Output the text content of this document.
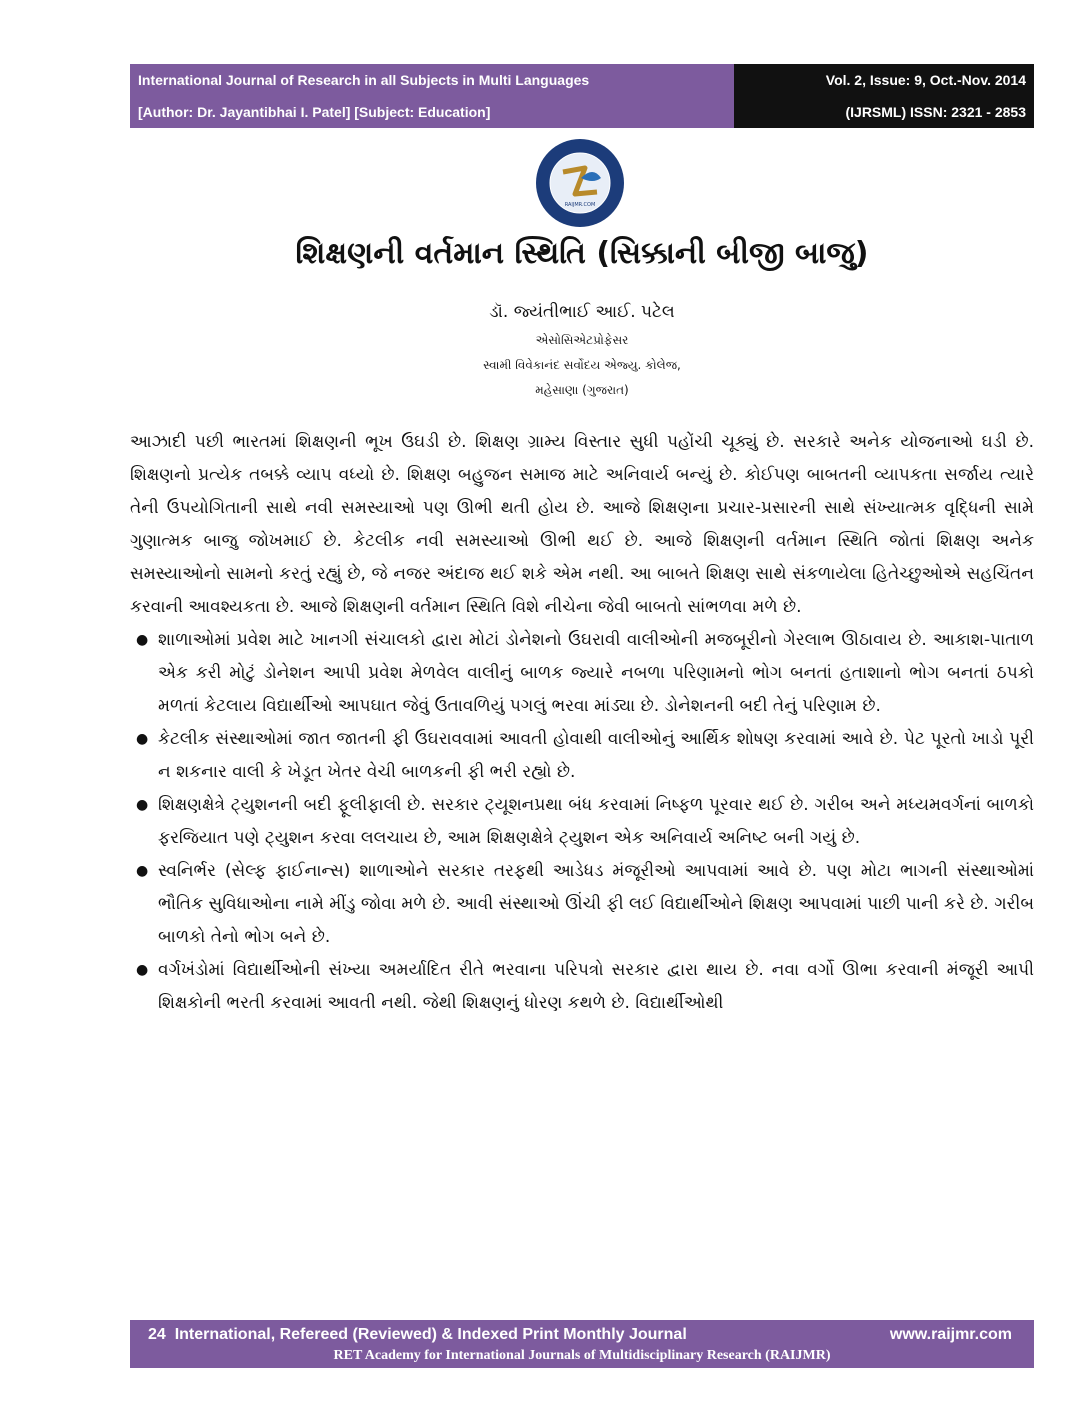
International Journal of Research in all Subjects in Multi Languages
[Author: Dr. Jayantibhai I. Patel] [Subject: Education]
Vol. 2, Issue: 9, Oct.-Nov. 2014
(IJRSML) ISSN: 2321 - 2853
RAIJMR.COM
શિક્ષણની વર્તમાન સ્થિતિ (સિક્કાની બીજી બાજુ)
ડૉ. જ્યંતીભાઈ આઈ. પટેલ
એસોસિએટપ્રોફેસર
સ્વામી વિવેકાનંદ સર્વોદય એજ્યુ. કોલેજ,
મહેસાણા (ગુજરાત)

આઝાદી પછી ભારતમાં શિક્ષણની ભૂખ ઉઘડી છે. શિક્ષણ ગ્રામ્ય વિસ્તાર સુધી પહોંચી ચૂક્યું છે. સરકારે અનેક યોજનાઓ ઘડી છે. શિક્ષણનો પ્રત્યેક તબક્કે વ્યાપ વધ્યો છે. શિક્ષણ બહુજન સમાજ માટે અનિવાર્ય બન્યું છે. કોઈપણ બાબતની વ્યાપકતા સર્જાય ત્યારે તેની ઉપયોગિતાની સાથે નવી સમસ્યાઓ પણ ઊભી થતી હોય છે. આજે શિક્ષણના પ્રચાર-પ્રસારની સાથે સંખ્યાત્મક વૃદ્ધિની સામે ગુણાત્મક બાજુ જોખમાઈ છે. કેટલીક નવી સમસ્યાઓ ઊભી થઈ છે. આજે શિક્ષણની વર્તમાન સ્થિતિ જોતાં શિક્ષણ અનેક સમસ્યાઓનો સામનો કરતું રહ્યું છે, જે નજર અંદાજ થઈ શકે એમ નથી. આ બાબતે શિક્ષણ સાથે સંકળાયેલા હિતેચ્છુઓએ સહચિંતન કરવાની આવશ્યકતા છે. આજે શિક્ષણની વર્તમાન સ્થિતિ વિશે નીચેના જેવી બાબતો સાંભળવા મળે છે.

● શાળાઓમાં પ્રવેશ માટે ખાનગી સંચાલકો દ્વારા મોટાં ડોનેશનો ઉઘરાવી વાલીઓની મજબૂરીનો ગેરલાભ ઊઠાવાય છે. આકાશ-પાતાળ એક કરી મોટું ડોનેશન આપી પ્રવેશ મેળવેલ વાલીનું બાળક જ્યારે નબળા પરિણામનો ભોગ બનતાં હતાશાનો ભોગ બનતાં ઠપકો મળતાં કેટલાય વિદ્યાર્થીઓ આપઘાત જેવું ઉતાવળિયું પગલું ભરવા માંડ્યા છે. ડોનેશનની બદી તેનું પરિણામ છે.
● કેટલીક સંસ્થાઓમાં જાત જાતની ફી ઉઘરાવવામાં આવતી હોવાથી વાલીઓનું આર્થિક શોષણ કરવામાં આવે છે. પેટ પૂરતો ખાડો પૂરી ન શકનાર વાલી કે ખેડૂત ખેતર વેચી બાળકની ફી ભરી રહ્યો છે.
● શિક્ષણક્ષેત્રે ટ્યુશનની બદી ફૂલીફાલી છે. સરકાર ટ્યૂશનપ્રથા બંધ કરવામાં નિષ્ફળ પૂરવાર થઈ છે. ગરીબ અને મધ્યમવર્ગનાં બાળકો ફરજિયાત પણે ટ્યુશન કરવા લલચાય છે, આમ શિક્ષણક્ષેત્રે ટ્યુશન એક અનિવાર્ય અનિષ્ટ બની ગયું છે.
● સ્વનિર્ભર (સેલ્ફ ફાઈનાન્સ) શાળાઓને સરકાર તરફથી આડેધડ મંજૂરીઓ આપવામાં આવે છે. પણ મોટા ભાગની સંસ્થાઓમાં ભૌતિક સુવિધાઓના નામે મીંડુ જોવા મળે છે. આવી સંસ્થાઓ ઊંચી ફી લઈ વિદ્યાર્થીઓને શિક્ષણ આપવામાં પાછી પાની કરે છે. ગરીબ બાળકો તેનો ભોગ બને છે.
● વર્ગખંડોમાં વિદ્યાર્થીઓની સંખ્યા અમર્યાદિત રીતે ભરવાના પરિપત્રો સરકાર દ્વારા થાય છે. નવા વર્ગો ઊભા કરવાની મંજૂરી આપી શિક્ષકોની ભરતી કરવામાં આવતી નથી. જેથી શિક્ષણનું ધોરણ કથળે છે. વિદ્યાર્થીઓથી
24 International, Refereed (Reviewed) & Indexed Print Monthly Journal	www.raijmr.com
RET Academy for International Journals of Multidisciplinary Research (RAIJMR)
